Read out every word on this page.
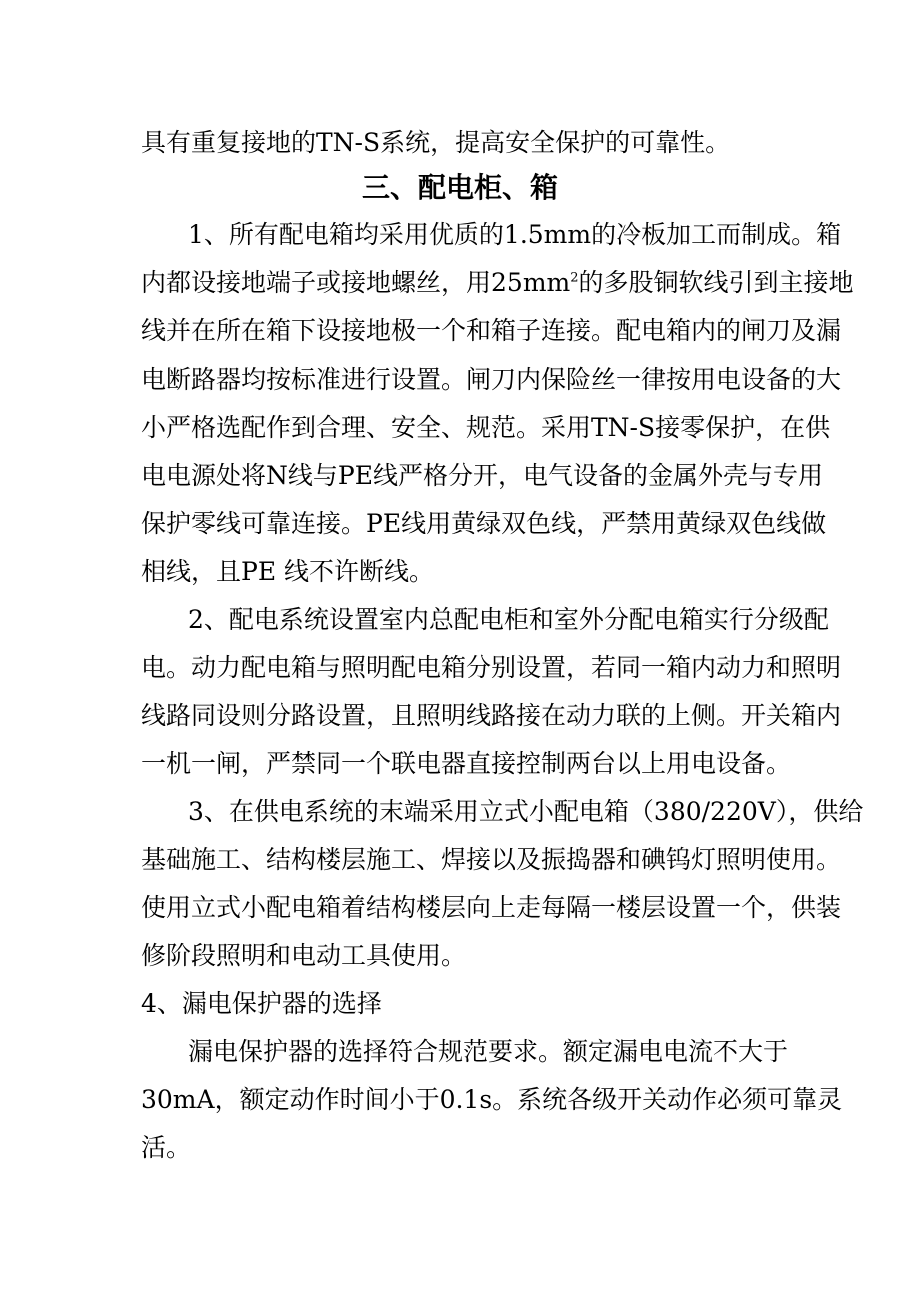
具有重复接地的TN-S系统，提高安全保护的可靠性。
三、配电柜、箱
1、所有配电箱均采用优质的1.5mm的冷板加工而制成。箱
内都设接地端子或接地螺丝，用$25mm^2$的多股铜软线引到主接地
线并在所在箱下设接地极一个和箱子连接。配电箱内的闸刀及漏
电断路器均按标准进行设置。闸刀内保险丝一律按用电设备的大
小严格选配作到合理、安全、规范。采用TN-S接零保护，在供
电电源处将N线与PE线严格分开，电气设备的金属外壳与专用
保护零线可靠连接。PE线用黄绿双色线，严禁用黄绿双色线做
相线，且PE 线不许断线。
2、配电系统设置室内总配电柜和室外分配电箱实行分级配
电。动力配电箱与照明配电箱分别设置，若同一箱内动力和照明
线路同设则分路设置，且照明线路接在动力联的上侧。开关箱内
一机一闸，严禁同一个联电器直接控制两台以上用电设备。
3、在供电系统的末端采用立式小配电箱（380/220V），供给
基础施工、结构楼层施工、焊接以及振捣器和碘钨灯照明使用。
使用立式小配电箱着结构楼层向上走每隔一楼层设置一个，供装
修阶段照明和电动工具使用。
4、漏电保护器的选择
漏电保护器的选择符合规范要求。额定漏电电流不大于
30mA，额定动作时间小于0.1s。系统各级开关动作必须可靠灵
活。
